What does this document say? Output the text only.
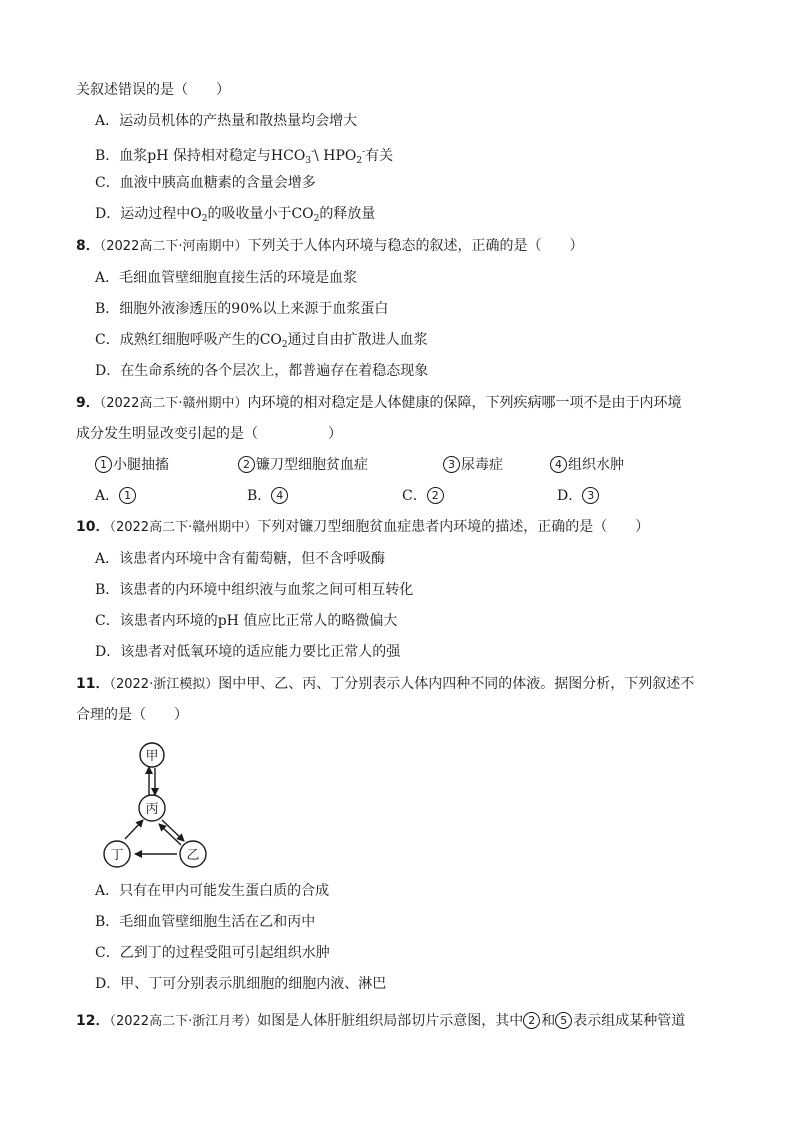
关叙述错误的是（　　）
A．运动员机体的产热量和散热量均会增大
B．血浆pH 保持相对稳定与$HCO_3^-\backslash$ $HPO_2^-$有关
C．血液中胰高血糖素的含量会增多
D．运动过程中$O_2$的吸收量小于$CO_2$的释放量
8．（2022高二下·河南期中）下列关于人体内环境与稳态的叙述，正确的是（　　）
A．毛细血管壁细胞直接生活的环境是血浆
B．细胞外液渗透压的90%以上来源于血浆蛋白
C．成熟红细胞呼吸产生的$CO_2$通过自由扩散进人血浆
D．在生命系统的各个层次上，都普遍存在着稳态现象
9．（2022高二下·赣州期中）内环境的相对稳定是人体健康的保障，下列疾病哪一项不是由于内环境
成分发生明显改变引起的是（　　　　　）
1 小腿抽搐	2 镰刀型细胞贫血症	3 尿毒症	4 组织水肿
A． 1	B． 4	C． 2	D． 3
10．（2022高二下·赣州期中）下列对镰刀型细胞贫血症患者内环境的描述，正确的是（　　）
A．该患者内环境中含有葡萄糖，但不含呼吸酶
B．该患者的内环境中组织液与血浆之间可相互转化
C．该患者内环境的pH 值应比正常人的略微偏大
D．该患者对低氧环境的适应能力要比正常人的强
11．（2022·浙江模拟）图中甲、乙、丙、丁分别表示人体内四种不同的体液。据图分析，下列叙述不
合理的是（　　）
甲
丙
丁	乙
A．只有在甲内可能发生蛋白质的合成
B．毛细血管壁细胞生活在乙和丙中
C．乙到丁的过程受阻可引起组织水肿
D．甲、丁可分别表示肌细胞的细胞内液、淋巴
12．（2022高二下·浙江月考）如图是人体肝脏组织局部切片示意图，其中 2 和 5 表示组成某种管道
